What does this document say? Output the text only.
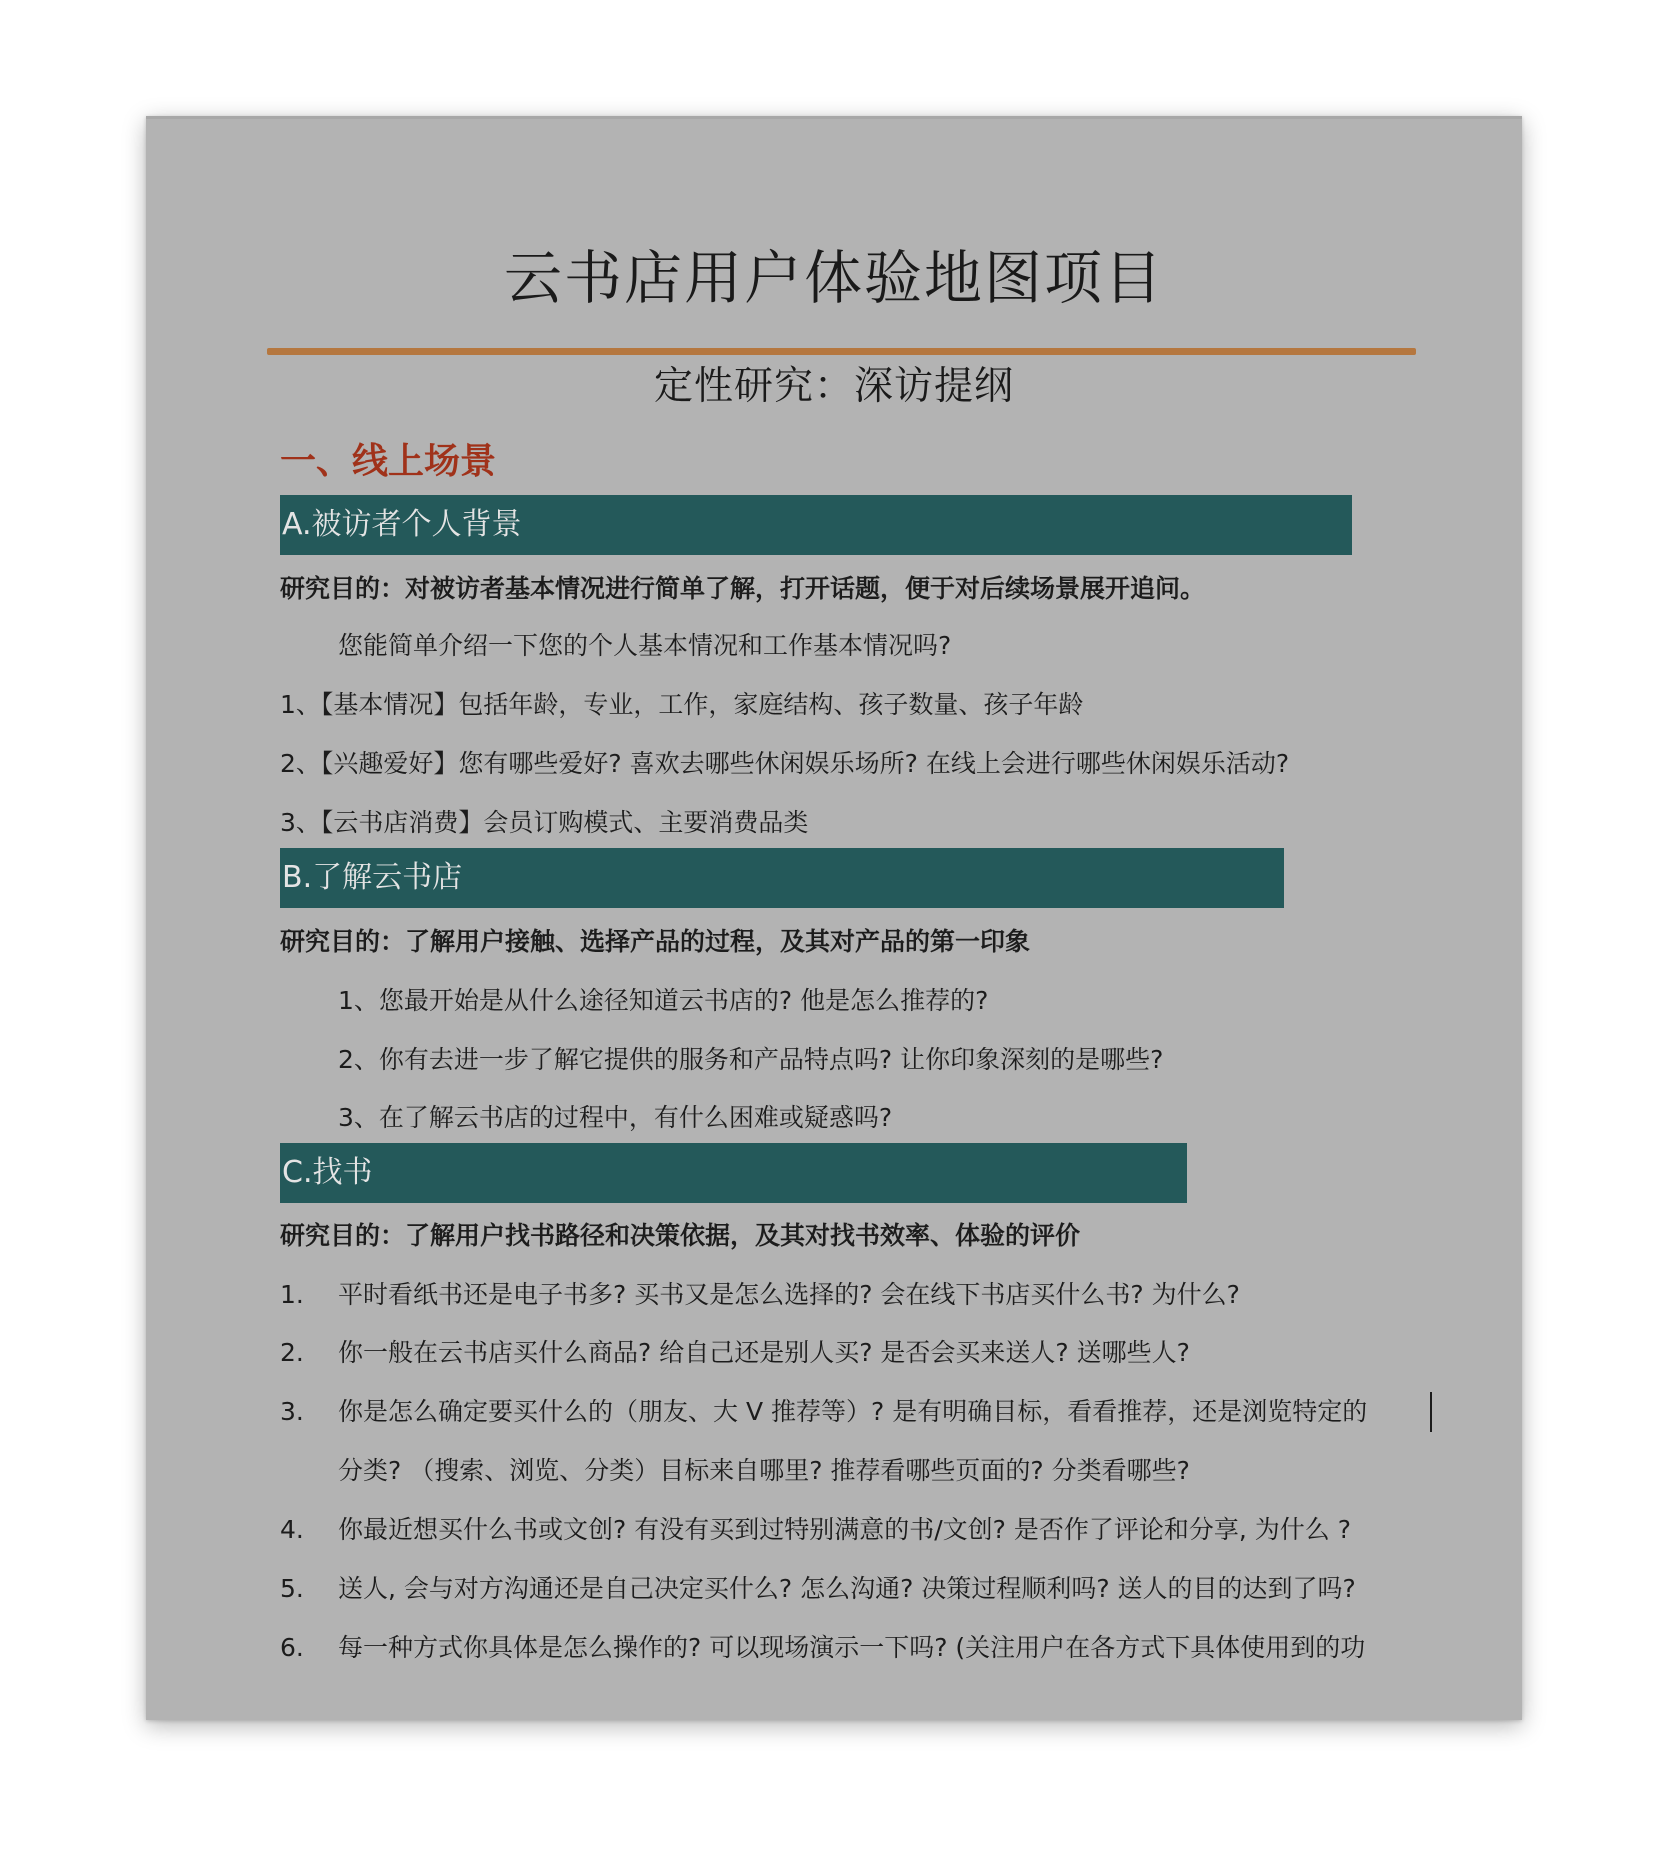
云书店用户体验地图项目
定性研究：深访提纲
一、线上场景
A.被访者个人背景
研究目的：对被访者基本情况进行简单了解，打开话题，便于对后续场景展开追问。
您能简单介绍一下您的个人基本情况和工作基本情况吗?
1、【基本情况】包括年龄，专业，工作，家庭结构、孩子数量、孩子年龄
2、【兴趣爱好】您有哪些爱好? 喜欢去哪些休闲娱乐场所? 在线上会进行哪些休闲娱乐活动?
3、【云书店消费】会员订购模式、主要消费品类
B.了解云书店
研究目的：了解用户接触、选择产品的过程，及其对产品的第一印象
1、您最开始是从什么途径知道云书店的? 他是怎么推荐的?
2、你有去进一步了解它提供的服务和产品特点吗? 让你印象深刻的是哪些?
3、在了解云书店的过程中，有什么困难或疑惑吗?
C.找书
研究目的：了解用户找书路径和决策依据，及其对找书效率、体验的评价
1. 平时看纸书还是电子书多? 买书又是怎么选择的? 会在线下书店买什么书? 为什么?
2. 你一般在云书店买什么商品? 给自己还是别人买? 是否会买来送人? 送哪些人?
3. 你是怎么确定要买什么的（朋友、大 V 推荐等）? 是有明确目标，看看推荐，还是浏览特定的
分类? （搜索、浏览、分类）目标来自哪里? 推荐看哪些页面的? 分类看哪些?
4. 你最近想买什么书或文创? 有没有买到过特别满意的书/文创? 是否作了评论和分享, 为什么 ?
5. 送人, 会与对方沟通还是自己决定买什么? 怎么沟通? 决策过程顺利吗? 送人的目的达到了吗?
6. 每一种方式你具体是怎么操作的? 可以现场演示一下吗? (关注用户在各方式下具体使用到的功
